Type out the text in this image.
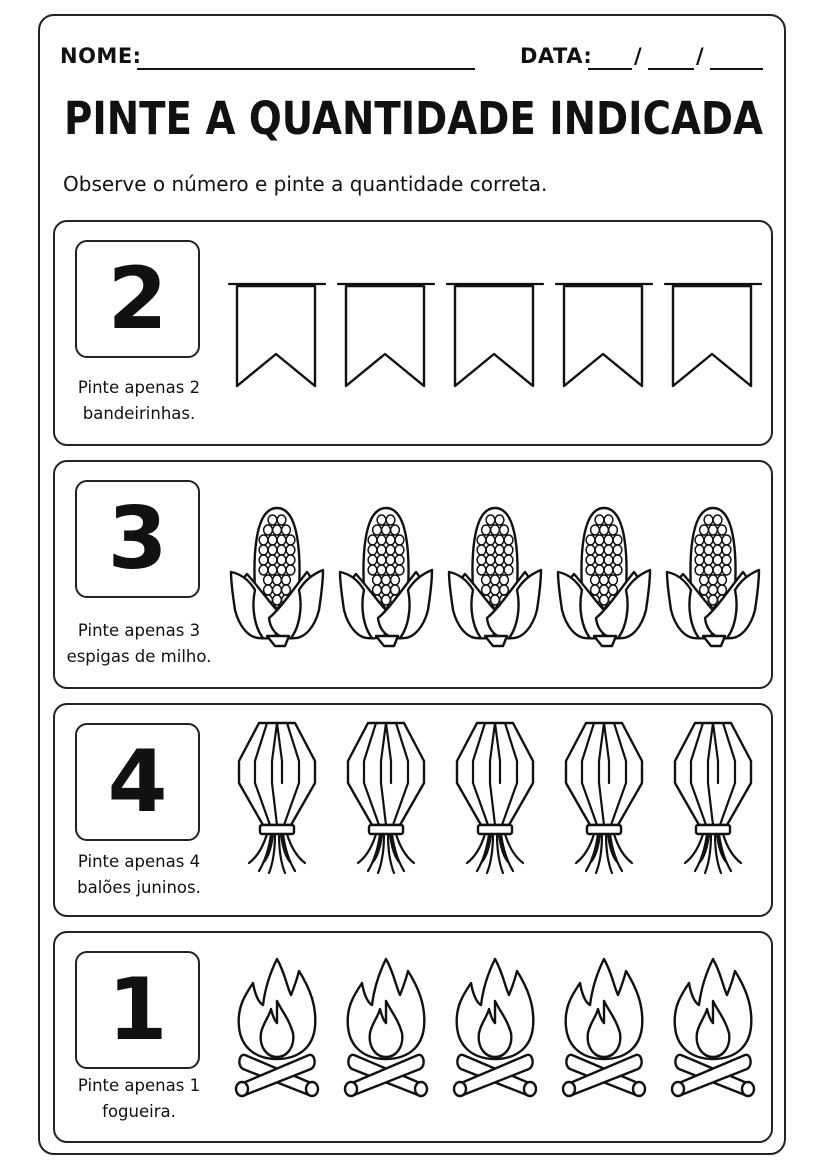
NOME:	DATA: /	/
PINTE A QUANTIDADE INDICADA
Observe o número e pinte a quantidade correta.
2
Pinte apenas 2
bandeirinhas.
3
Pinte apenas 3
espigas de milho.
4
Pinte apenas 4
balões juninos.
1
Pinte apenas 1
fogueira.
